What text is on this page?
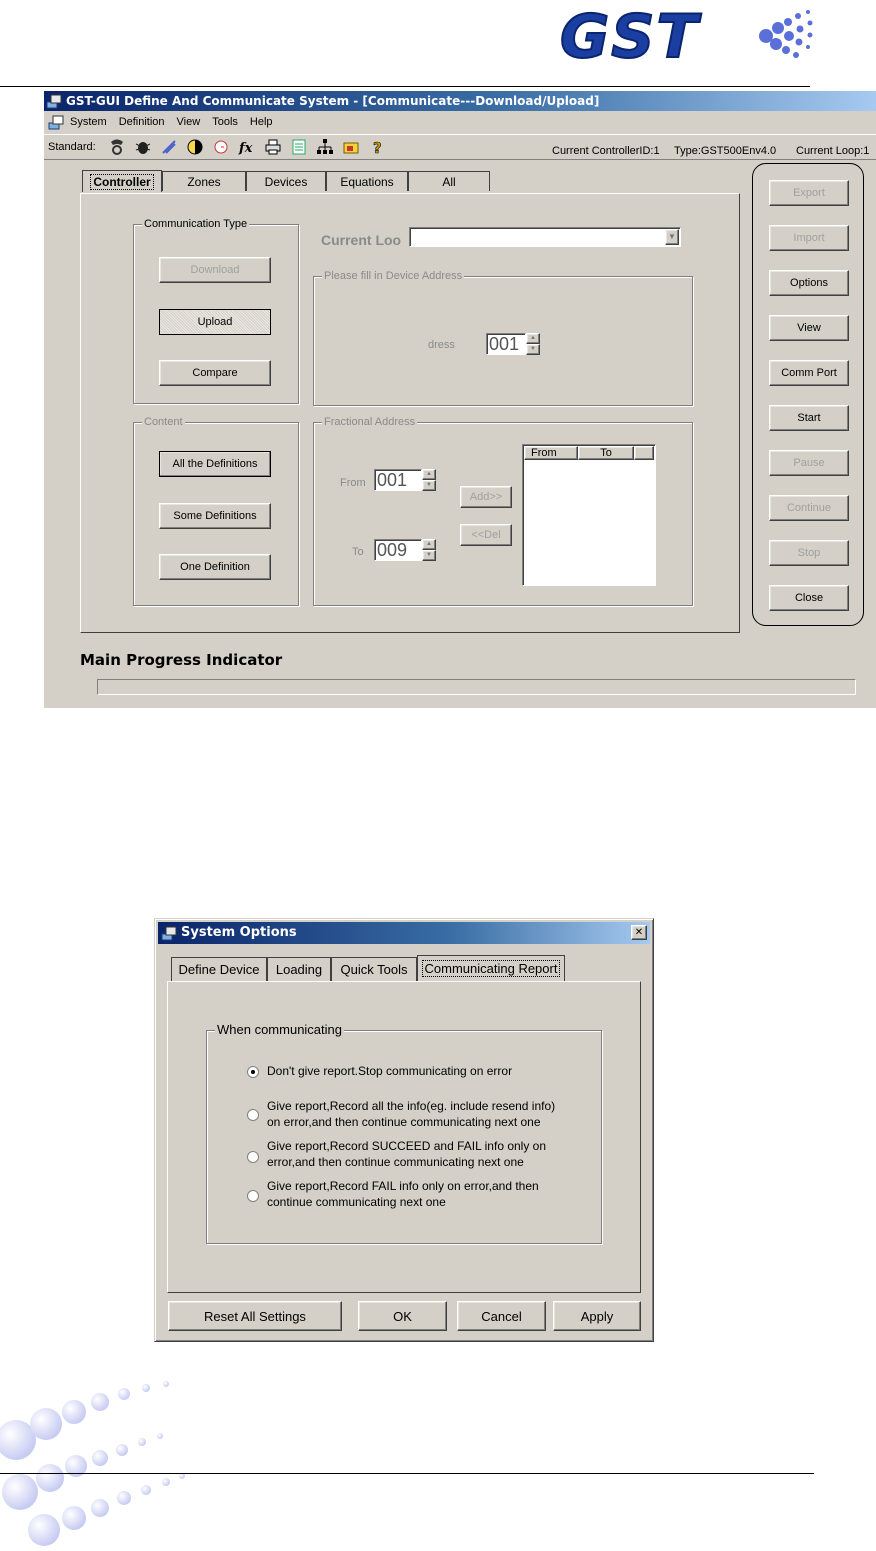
GST
GST-GUI Define And Communicate System - [Communicate---Download/Upload]
System Definition View Tools Help
Standard:	fx	?	Current ControllerID:1 Type:GST500Env4.0 Current Loop:1
Controller	Zones	Devices	Equations	All
Communication Type
Download
Upload
Compare
Content
All the Definitions
Some Definitions
One Definition
Current Loo	▼
Please fill in Device Address
dress 001	▲
▼
Fractional Address
From 001	▲
▼
To 009	▲
▼
Add>>
<<Del
From	To
Export
Import
Options
View
Comm Port
Start
Pause
Continue
Stop
Close
Main Progress Indicator
System Options	✕
Define Device Loading Quick Tools Communicating Report
When communicating
Don't give report.Stop communicating on error
Give report,Record all the info(eg. include resend info)
on error,and then continue communicating next one
Give report,Record SUCCEED and FAIL info only on
error,and then continue communicating next one
Give report,Record FAIL info only on error,and then
continue communicating next one
Reset All Settings	OK	Cancel	Apply
